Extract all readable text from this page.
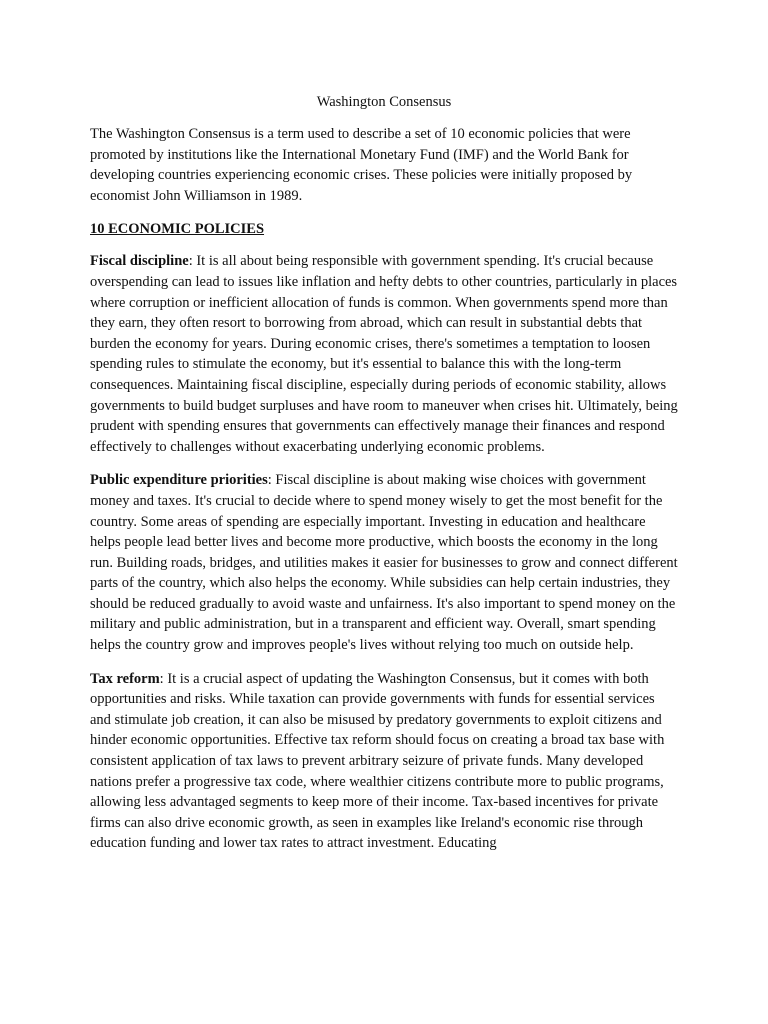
Washington Consensus

The Washington Consensus is a term used to describe a set of 10 economic policies that were promoted by institutions like the International Monetary Fund (IMF) and the World Bank for developing countries experiencing economic crises. These policies were initially proposed by economist John Williamson in 1989.

10 ECONOMIC POLICIES

Fiscal discipline: It is all about being responsible with government spending. It's crucial because overspending can lead to issues like inflation and hefty debts to other countries, particularly in places where corruption or inefficient allocation of funds is common. When governments spend more than they earn, they often resort to borrowing from abroad, which can result in substantial debts that burden the economy for years. During economic crises, there's sometimes a temptation to loosen spending rules to stimulate the economy, but it's essential to balance this with the long-term consequences. Maintaining fiscal discipline, especially during periods of economic stability, allows governments to build budget surpluses and have room to maneuver when crises hit. Ultimately, being prudent with spending ensures that governments can effectively manage their finances and respond effectively to challenges without exacerbating underlying economic problems.

Public expenditure priorities: Fiscal discipline is about making wise choices with government money and taxes. It's crucial to decide where to spend money wisely to get the most benefit for the country. Some areas of spending are especially important. Investing in education and healthcare helps people lead better lives and become more productive, which boosts the economy in the long run. Building roads, bridges, and utilities makes it easier for businesses to grow and connect different parts of the country, which also helps the economy. While subsidies can help certain industries, they should be reduced gradually to avoid waste and unfairness. It's also important to spend money on the military and public administration, but in a transparent and efficient way. Overall, smart spending helps the country grow and improves people's lives without relying too much on outside help.

Tax reform: It is a crucial aspect of updating the Washington Consensus, but it comes with both opportunities and risks. While taxation can provide governments with funds for essential services and stimulate job creation, it can also be misused by predatory governments to exploit citizens and hinder economic opportunities. Effective tax reform should focus on creating a broad tax base with consistent application of tax laws to prevent arbitrary seizure of private funds. Many developed nations prefer a progressive tax code, where wealthier citizens contribute more to public programs, allowing less advantaged segments to keep more of their income. Tax-based incentives for private firms can also drive economic growth, as seen in examples like Ireland's economic rise through education funding and lower tax rates to attract investment. Educating
